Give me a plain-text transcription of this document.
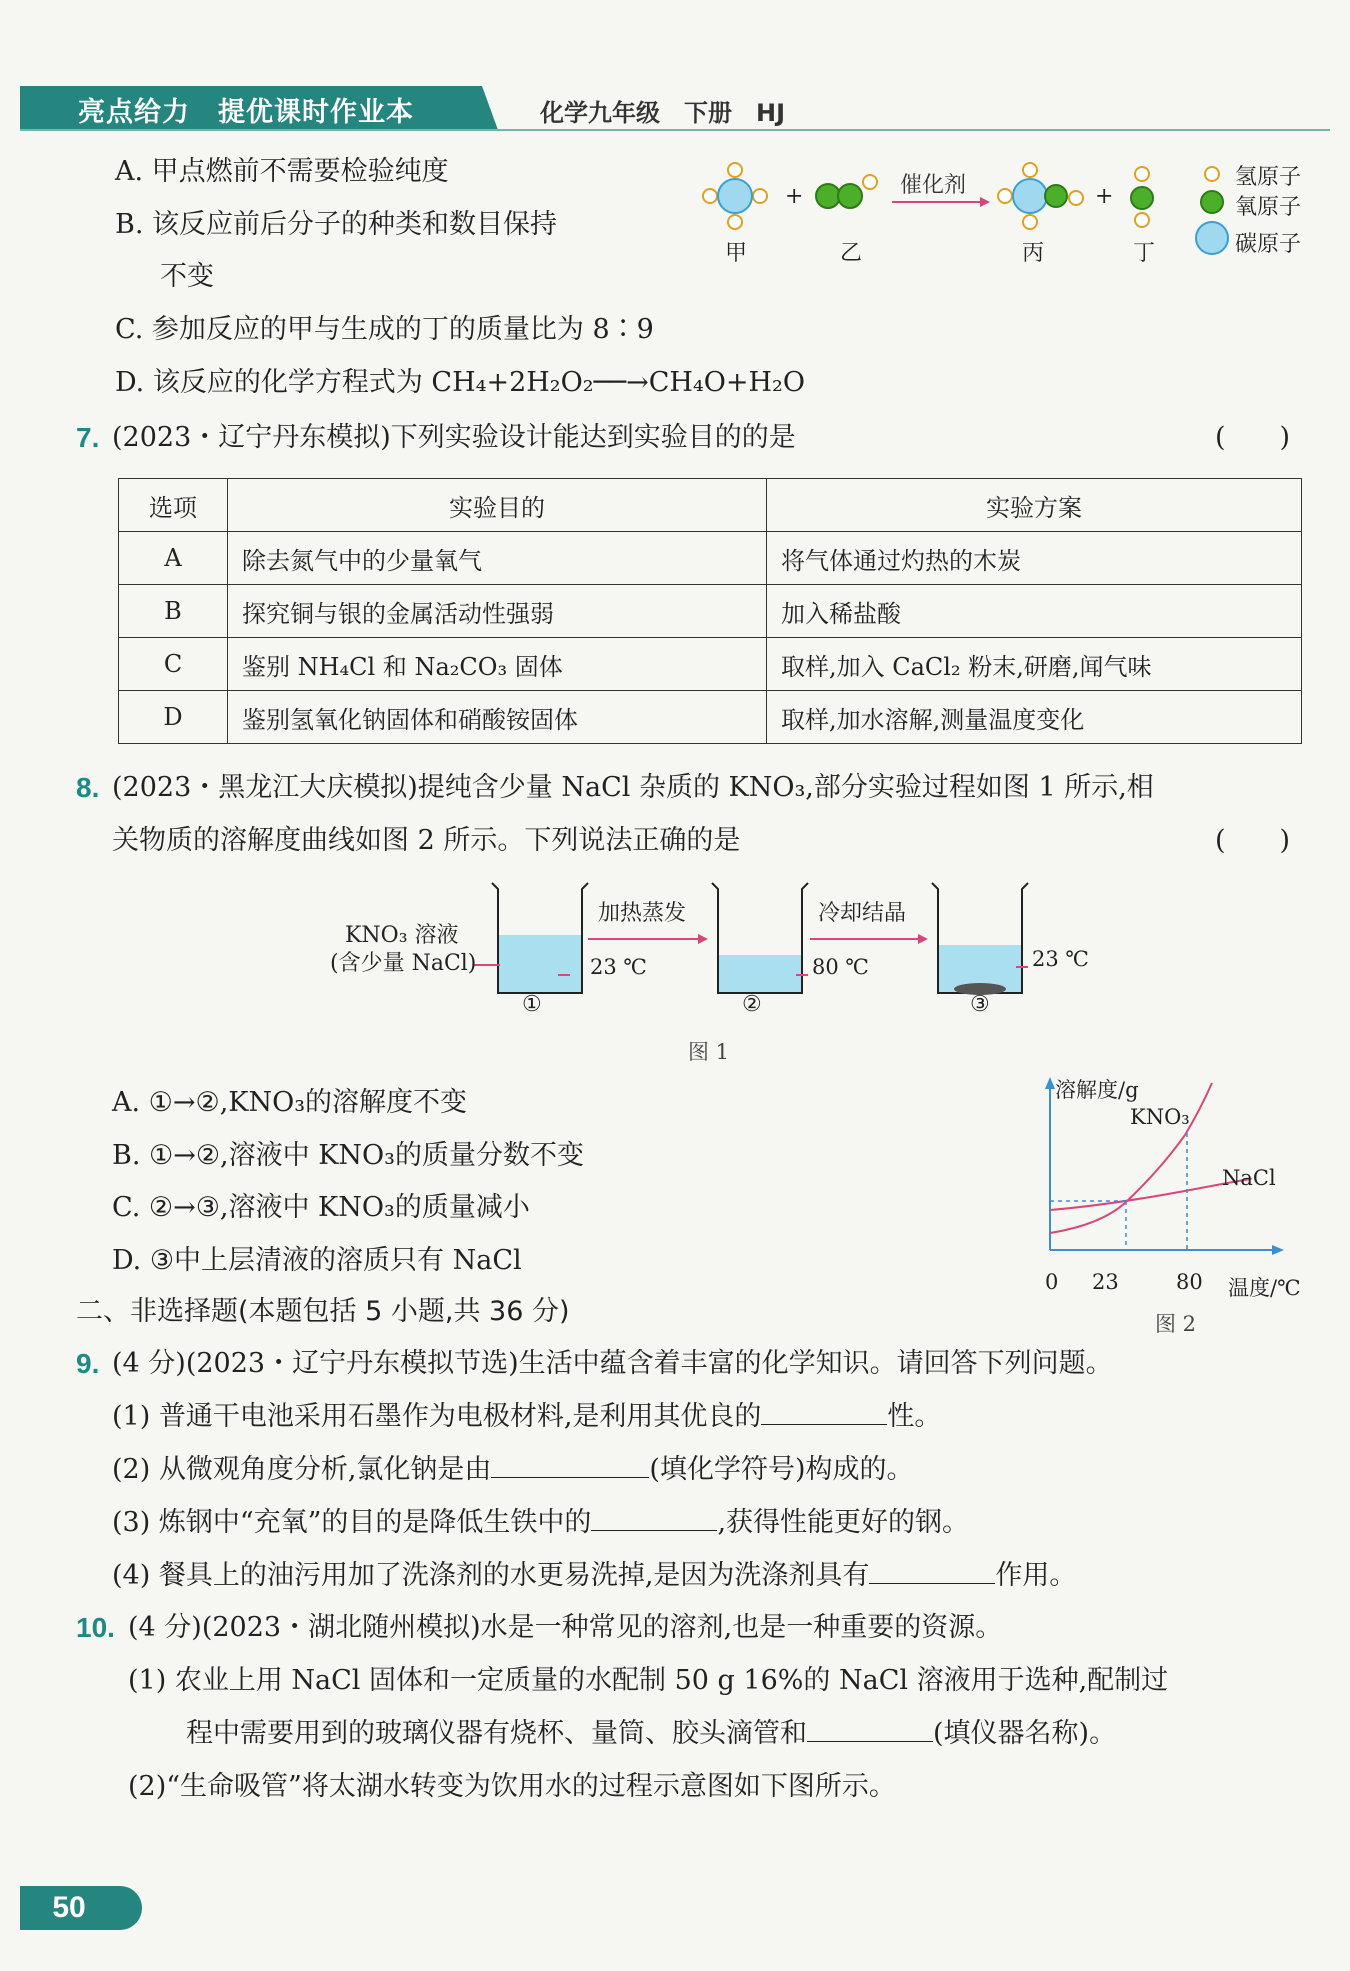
亮点给力　提优课时作业本	化学九年级　下册　HJ
A. 甲点燃前不需要检验纯度
B. 该反应前后分子的种类和数目保持
不变
C. 参加反应的甲与生成的丁的质量比为 8∶9
D. 该反应的化学方程式为 CH₄+2H₂O₂──→CH₄O+H₂O
+	+
催化剂
甲	乙	丙	丁
氢原子
氧原子
碳原子
7. (2023・辽宁丹东模拟)下列实验设计能达到实验目的的是	(　　)
选项	实验目的	实验方案
A	除去氮气中的少量氧气	将气体通过灼热的木炭
B	探究铜与银的金属活动性强弱	加入稀盐酸
C	鉴别 NH₄Cl 和 Na₂CO₃ 固体	取样,加入 CaCl₂ 粉末,研磨,闻气味
D	鉴别氢氧化钠固体和硝酸铵固体	取样,加水溶解,测量温度变化
8. (2023・黑龙江大庆模拟)提纯含少量 NaCl 杂质的 KNO₃,部分实验过程如图 1 所示,相
关物质的溶解度曲线如图 2 所示。下列说法正确的是	(　　)
KNO₃ 溶液
(含少量 NaCl)
加热蒸发	冷却结晶
23 ℃	80 ℃	23 ℃
①	②	③
图 1
A. ①→②,KNO₃的溶解度不变
B. ①→②,溶液中 KNO₃的质量分数不变
C. ②→③,溶液中 KNO₃的质量减小
D. ③中上层清液的溶质只有 NaCl
溶解度/g
KNO₃
NaCl
0 23	80 温度/℃
图 2
二、非选择题(本题包括 5 小题,共 36 分)
9. (4 分)(2023・辽宁丹东模拟节选)生活中蕴含着丰富的化学知识。请回答下列问题。
(1) 普通干电池采用石墨作为电极材料,是利用其优良的	性。
(2) 从微观角度分析,氯化钠是由	(填化学符号)构成的。
(3) 炼钢中“充氧”的目的是降低生铁中的	,获得性能更好的钢。
(4) 餐具上的油污用加了洗涤剂的水更易洗掉,是因为洗涤剂具有	作用。
10. (4 分)(2023・湖北随州模拟)水是一种常见的溶剂,也是一种重要的资源。
(1) 农业上用 NaCl 固体和一定质量的水配制 50 g 16%的 NaCl 溶液用于选种,配制过
程中需要用到的玻璃仪器有烧杯、量筒、胶头滴管和	(填仪器名称)。
(2)“生命吸管”将太湖水转变为饮用水的过程示意图如下图所示。
50
